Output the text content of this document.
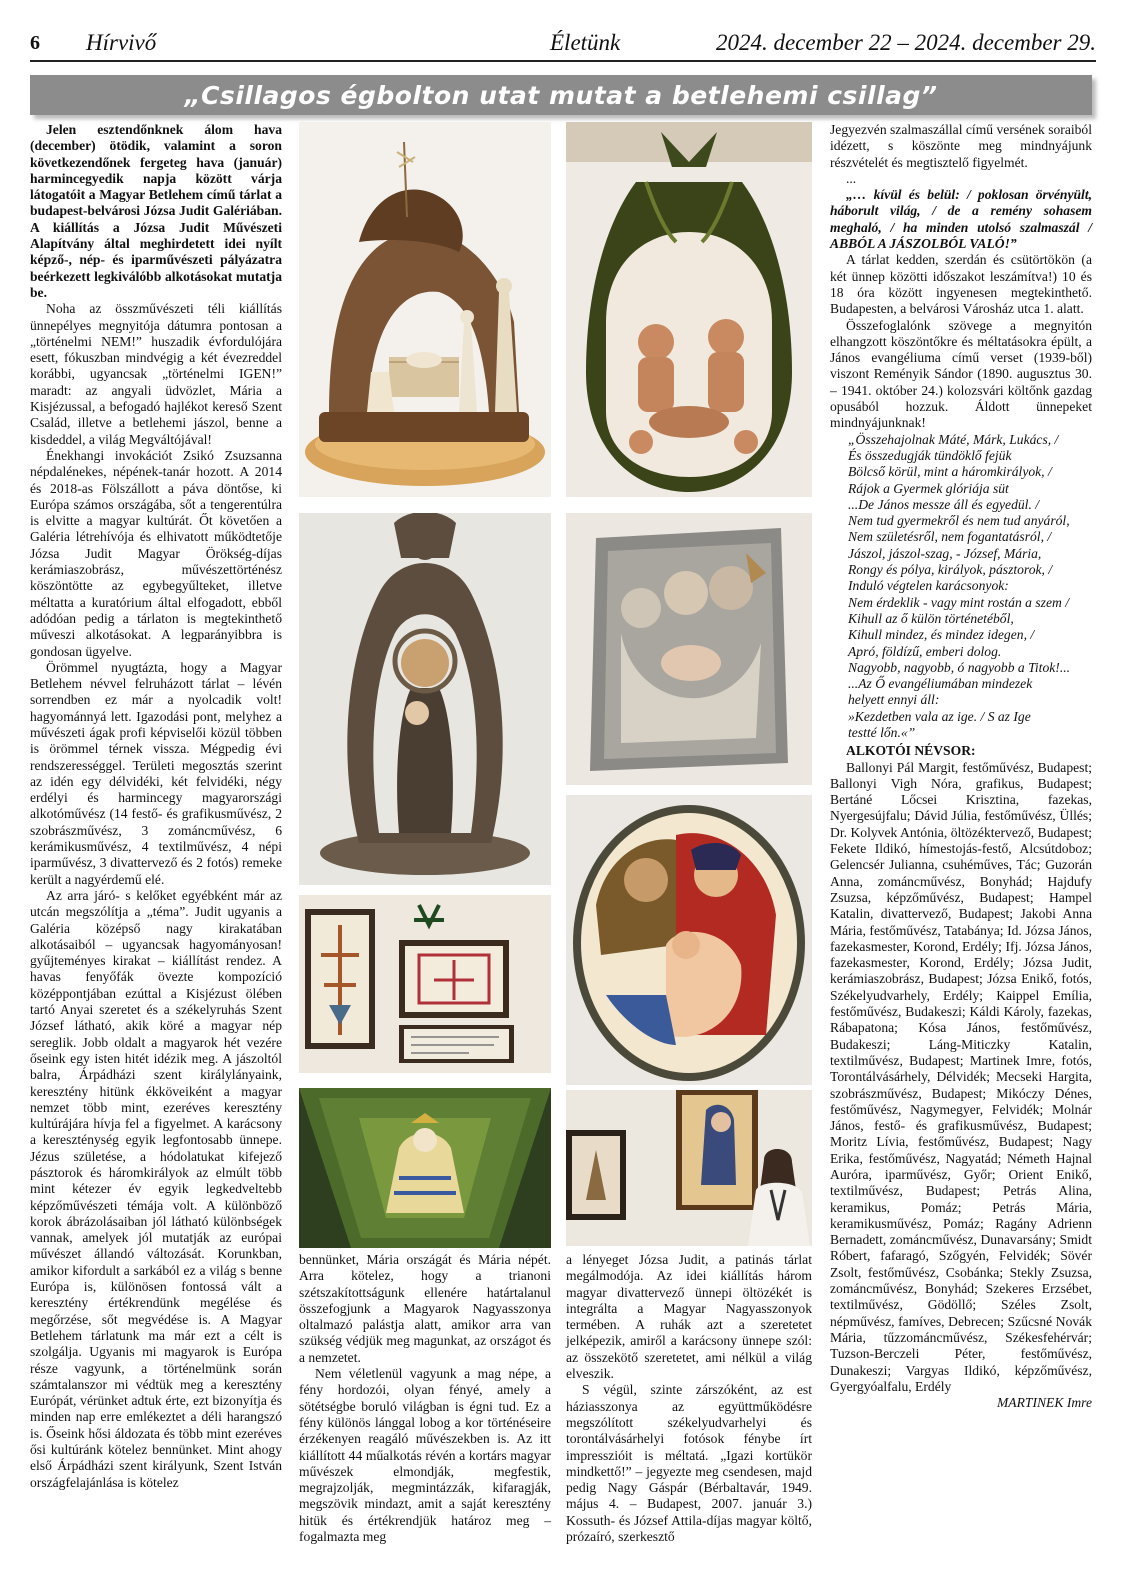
6 Hírvivő	Életünk	2024. december 22 – 2024. december 29.
„Csillagos égbolton utat mutat a betlehemi csillag”

Jelen esztendőnknek álom hava (december) ötödik, valamint a soron következendőnek fergeteg hava (január) harmincegyedik napja között várja látogatóit a Magyar Betlehem című tárlat a budapest-belvárosi Józsa Judit Galériában. A kiállítás a Józsa Judit Művészeti Alapítvány által meghirdetett idei nyílt képző-, nép- és iparművészeti pályázatra beérkezett legkiválóbb alkotásokat mutatja be.

Noha az összművészeti téli kiállítás ünnepélyes megnyitója dátumra pontosan a „történelmi NEM!” huszadik évfordulójára esett, fókuszban mindvégig a két évezreddel korábbi, ugyancsak „történelmi IGEN!” maradt: az angyali üdvözlet, Mária a Kisjézussal, a befogadó hajlékot kereső Szent Család, illetve a betlehemi jászol, benne a kisdeddel, a világ Megváltójával!

Énekhangi invokációt Zsikó Zsuzsanna népdalénekes, népének-tanár hozott. A 2014 és 2018-as Fölszállott a páva döntőse, ki Európa számos országába, sőt a tengerentúlra is elvitte a magyar kultúrát. Őt követően a Galéria létrehívója és elhivatott működtetője Józsa Judit Magyar Örökség-díjas kerámiaszobrász, művészettörténész köszöntötte az egybegyűlteket, illetve méltatta a kuratórium által elfogadott, ebből adódóan pedig a tárlaton is megtekinthető műveszi alkotásokat. A legparányibbra is gondosan ügyelve.

Örömmel nyugtázta, hogy a Magyar Betlehem névvel felruházott tárlat – lévén sorrendben ez már a nyolcadik volt! hagyománnyá lett. Igazodási pont, melyhez a művészeti ágak profi képviselői közül többen is örömmel térnek vissza. Mégpedig évi rendszerességgel. Területi megosztás szerint az idén egy délvidéki, két felvidéki, négy erdélyi és harmincegy magyarországi alkotóművész (14 festő- és grafikusművész, 2 szobrászművész, 3 zománcművész, 6 kerámikusművész, 4 textilművész, 4 népi iparművész, 3 divattervező és 2 fotós) remeke került a nagyérdemű elé.

Az arra járó- s kelőket egyébként már az utcán megszólítja a „téma”. Judit ugyanis a Galéria középső nagy kirakatában alkotásaiból – ugyancsak hagyományosan! gyűjteményes kirakat – kiállítást rendez. A havas fenyőfák övezte kompozíció középpontjában ezúttal a Kisjézust ölében tartó Anyai szeretet és a székelyruhás Szent József látható, akik köré a magyar nép sereglik. Jobb oldalt a magyarok hét vezére őseink egy isten hitét idézik meg. A jászoltól balra, Árpádházi szent királylányaink, keresztény hitünk ékköveiként a magyar nemzet több mint, ezeréves keresztény kultúrájára hívja fel a figyelmet. A karácsony a kereszténység egyik legfontosabb ünnepe. Jézus születése, a hódolatukat kifejező pásztorok és háromkirályok az elmúlt több mint kétezer év egyik legkedveltebb képzőművészeti témája volt. A különböző korok ábrázolásaiban jól látható különbségek vannak, amelyek jól mutatják az európai művészet állandó változását. Korunkban, amikor kifordult a sarkából ez a világ s benne Európa is, különösen fontossá vált a keresztény értékrendünk megélése és megőrzése, sőt megvédése is. A Magyar Betlehem tárlatunk ma már ezt a célt is szolgálja. Ugyanis mi magyarok is Európa része vagyunk, a történelmünk során számtalanszor mi védtük meg a keresztény Európát, vérünket adtuk érte, ezt bizonyítja és minden nap erre emlékeztet a déli harangszó is. Őseink hősi áldozata és több mint ezeréves ősi kultúránk kötelez bennünket. Mint ahogy első Árpádházi szent királyunk, Szent István országfelajánlása is kötelez

bennünket, Máriа országát és Mária népét. Arra kötelez, hogy a trianoni szétszakítottságunk ellenére határtalanul összefogjunk a Magyarok Nagyasszonya oltalmazó palástja alatt, amikor arra van szükség védjük meg magunkat, az országot és a nemzetet.

Nem véletlenül vagyunk a mag népe, a fény hordozói, olyan fényé, amely a sötétségbe boruló világban is égni tud. Ez a fény különös lánggal lobog a kor történéseire érzékenyen reagáló művészekben is. Az itt kiállított 44 műalkotás révén a kortárs magyar művészek elmondják, megfestik, megrajzolják, megmintázzák, kifaragják, megszövik mindazt, amit a saját keresztény hitük és értékrendjük határoz meg – fogalmazta meg

a lényeget Józsa Judit, a patinás tárlat megálmodója. Az idei kiállítás három magyar divattervező ünnepi öltözékét is integrálta a Magyar Nagyasszonyok termében. A ruhák azt a szeretetet jelképezik, amiről a karácsony ünnepe szól: az összekötő szeretetet, ami nélkül a világ elveszik.

S végül, szinte zárszóként, az est háziasszonya az együttműködésre megszólított székelyudvarhelyi és torontálvásárhelyi fotósok fénybe írt impresszióit is méltatá. „Igazi kortükör mindkettő!” – jegyezte meg csendesen, majd pedig Nagy Gáspár (Bérbaltavár, 1949. május 4. – Budapest, 2007. január 3.) Kossuth- és József Attila-díjas magyar költő, prózaíró, szerkesztő

Jegyezvén szalmaszállal című versének soraiból idézett, s köszönte meg mindnyájunk részvételét és megtisztelő figyelmét.

...

„… kívül és belül: / poklosan örvényült, háborult világ, / de a remény sohasem meghaló, / ha minden utolsó szalmaszál / ABBÓL A JÁSZOLBÓL VALÓ!”

A tárlat kedden, szerdán és csütörtökön (a két ünnep közötti időszakot leszámítva!) 10 és 18 óra között ingyenesen megtekinthető. Budapesten, a belvárosi Városház utca 1. alatt.

Összefoglalónk szövege a megnyitón elhangzott köszöntőkre és méltatásokra épült, a János evangéliuma című verset (1939-ből) viszont Reményik Sándor (1890. augusztus 30. – 1941. október 24.) kolozsvári költőnk gazdag opusából hozzuk. Áldott ünnepeket mindnyájunknak!

„Összehajolnak Máté, Márk, Lukács, /

És összedugják tündöklő fejük

Bölcső körül, mint a háromkirályok, /

Rájok a Gyermek glóriája süt

...De János messze áll és egyedül. /

Nem tud gyermekről és nem tud anyáról,

Nem születésről, nem fogantatásról, /

Jászol, jászol-szag, - József, Mária,

Rongy és pólya, királyok, pásztorok, /

Induló végtelen karácsonyok:

Nem érdeklik - vagy mint rostán a szem /

Kihull az ő külön történetéből,

Kihull mindez, és mindez idegen, /

Apró, földízű, emberi dolog.

Nagyobb, nagyobb, ó nagyobb a Titok!...

...Az Ő evangéliumában mindezek

helyett ennyi áll:

»Kezdetben vala az ige. / S az Ige

testté lőn.«”

ALKOTÓI NÉVSOR:

Ballonyi Pál Margit, festőművész, Budapest; Ballonyi Vigh Nóra, grafikus, Budapest; Bertáné Lőcsei Krisztina, fazekas, Nyergesújfalu; Dávid Júlia, festőművész, Üllés; Dr. Kolyvek Antónia, öltözéktervező, Budapest; Fekete Ildikó, hímestojás-festő, Alcsútdoboz; Gelencsér Julianna, csuhéműves, Tác; Guzorán Anna, zománcművész, Bonyhád; Hajdufy Zsuzsa, képzőművész, Budapest; Hampel Katalin, divattervező, Budapest; Jakobi Anna Mária, festőművész, Tatabánya; Id. Józsa János, fazekasmester, Korond, Erdély; Ifj. Józsa János, fazekasmester, Korond, Erdély; Józsa Judit, kerámiaszobrász, Budapest; Józsa Enikő, fotós, Székelyudvarhely, Erdély; Kaippel Emília, festőművész, Budakeszi; Káldi Károly, fazekas, Rábapatona; Kósa János, festőművész, Budakeszi; Láng-Miticzky Katalin, textilművész, Budapest; Martinek Imre, fotós, Torontálvásárhely, Délvidék; Mecseki Hargita, szobrászművész, Budapest; Mikóczy Dénes, festőművész, Nagymegyer, Felvidék; Molnár János, festő- és grafikusművész, Budapest; Moritz Lívia, festőművész, Budapest; Nagy Erika, festőművész, Nagyatád; Németh Hajnal Auróra, iparművész, Győr; Orient Enikő, textilművész, Budapest; Petrás Alina, keramikus, Pomáz; Petrás Mária, keramikusművész, Pomáz; Ragány Adrienn Bernadett, zománcművész, Dunavarsány; Smidt Róbert, fafaragó, Szőgyén, Felvidék; Sövér Zsolt, festőművész, Csobánka; Stekly Zsuzsa, zománcművész, Bonyhád; Szekeres Erzsébet, textilművész, Gödöllő; Széles Zsolt, népművész, famíves, Debrecen; Szűcsné Novák Mária, tűzzománcművész, Székesfehérvár; Tuzson-Berczeli Péter, festőművész, Dunakeszi; Vargyas Ildikó, képzőművész, Gyergyóalfalu, Erdély

MARTINEK Imre
